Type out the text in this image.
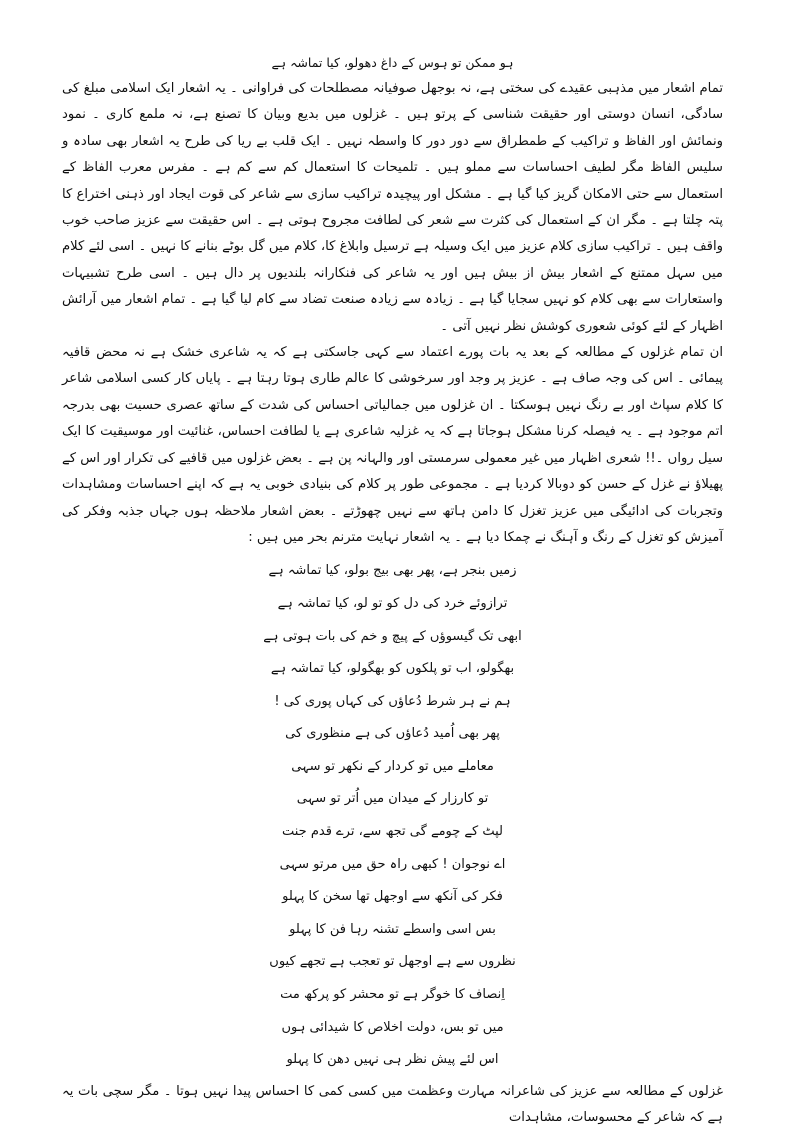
ہو ممکن تو ہوس کے داغ دھولو، کیا تماشہ ہے

تمام اشعار میں مذہبی عقیدے کی سختی ہے، نہ بوجھل صوفیانہ مصطلحات کی فراوانی ۔ یہ اشعار ایک اسلامی مبلغ کی سادگی، انسان دوستی اور حقیقت شناسی کے پرتو ہیں ۔ غزلوں میں بدیع وبیان کا تصنع ہے، نہ ملمع کاری ۔ نمود ونمائش اور الفاظ و تراکیب کے طمطراق سے دور دور کا واسطہ نہیں ۔ ایک قلب بے ریا کی طرح یہ اشعار بھی سادہ و سلیس الفاظ مگر لطیف احساسات سے مملو ہیں ۔ تلمیحات کا استعمال کم سے کم ہے ۔ مفرس معرب الفاظ کے استعمال سے حتی الامکان گریز کیا گیا ہے ۔ مشکل اور پیچیدہ تراکیب سازی سے شاعر کی قوت ایجاد اور ذہنی اختراع کا پتہ چلتا ہے ۔ مگر ان کے استعمال کی کثرت سے شعر کی لطافت مجروح ہوتی ہے ۔ اس حقیقت سے عزیز صاحب خوب واقف ہیں ۔ تراکیب سازی کلام عزیز میں ایک وسیلہ ہے ترسیل وابلاغ کا، کلام میں گل بوٹے بنانے کا نہیں ۔ اسی لئے کلام میں سہل ممتنع کے اشعار بیش از بیش ہیں اور یہ شاعر کی فنکارانہ بلندیوں پر دال ہیں ۔ اسی طرح تشبیہات واستعارات سے بھی کلام کو نہیں سجایا گیا ہے ۔ زیادہ سے زیادہ صنعت تضاد سے کام لیا گیا ہے ۔ تمام اشعار میں آرائش اظہار کے لئے کوئی شعوری کوشش نظر نہیں آتی ۔

ان تمام غزلوں کے مطالعہ کے بعد یہ بات پورے اعتماد سے کہی جاسکتی ہے کہ یہ شاعری خشک ہے نہ محض قافیہ پیمائی ۔ اس کی وجہ صاف ہے ۔ عزیز پر وجد اور سرخوشی کا عالم طاری ہوتا رہتا ہے ۔ پایاں کار کسی اسلامی شاعر کا کلام سپاٹ اور بے رنگ نہیں ہوسکتا ۔ ان غزلوں میں جمالیاتی احساس کی شدت کے ساتھ عصری حسیت بھی بدرجہ اتم موجود ہے ۔ یہ فیصلہ کرنا مشکل ہوجاتا ہے کہ یہ غزلیہ شاعری ہے یا لطافت احساس، غنائیت اور موسیقیت کا ایک سیل رواں ۔!! شعری اظہار میں غیر معمولی سرمستی اور والہانہ پن ہے ۔ بعض غزلوں میں قافیے کی تکرار اور اس کے پھیلاؤ نے غزل کے حسن کو دوبالا کردیا ہے ۔ مجموعی طور پر کلام کی بنیادی خوبی یہ ہے کہ اپنے احساسات ومشاہدات وتجربات کی ادائیگی میں عزیز تغزل کا دامن ہاتھ سے نہیں چھوڑتے ۔ بعض اشعار ملاحظہ ہوں جہاں جذبہ وفکر کی آمیزش کو تغزل کے رنگ و آہنگ نے چمکا دیا ہے ۔ یہ اشعار نہایت مترنم بحر میں ہیں :

زمیں بنجر ہے، پھر بھی بیج بولو، کیا تماشہ ہے
ترازوئے خرد کی دل کو تو لو، کیا تماشہ ہے
ابھی تک گیسوؤں کے پیچ و خم کی بات ہوتی ہے
بھگولو، اب تو پلکوں کو بھگولو، کیا تماشہ ہے
ہم نے ہر شرط دُعاؤں کی کہاں پوری کی !
پھر بھی اُمید دُعاؤں کی ہے منظوری کی
معاملے میں تو کردار کے نکھر تو سہی
تو کارزار کے میدان میں اُتر تو سہی
لپٹ کے چومے گی تجھ سے، ترے قدم جنت
اے نوجوان ! کبھی راہ حق میں مرتو سہی
فکر کی آنکھ سے اوجھل تھا سخن کا پہلو
بس اسی واسطے تشنہ رہا فن کا پہلو
نظروں سے ہے اوجھل تو تعجب ہے تجھے کیوں
اِنصاف کا خوگر ہے تو محشر کو پرکھ مت
میں تو بس، دولت اخلاص کا شیدائی ہوں
اس لئے پیش نظر ہی نہیں دھن کا پہلو

غزلوں کے مطالعہ سے عزیز کی شاعرانہ مہارت وعظمت میں کسی کمی کا احساس پیدا نہیں ہوتا ۔ مگر سچی بات یہ ہے کہ شاعر کے محسوسات، مشاہدات
